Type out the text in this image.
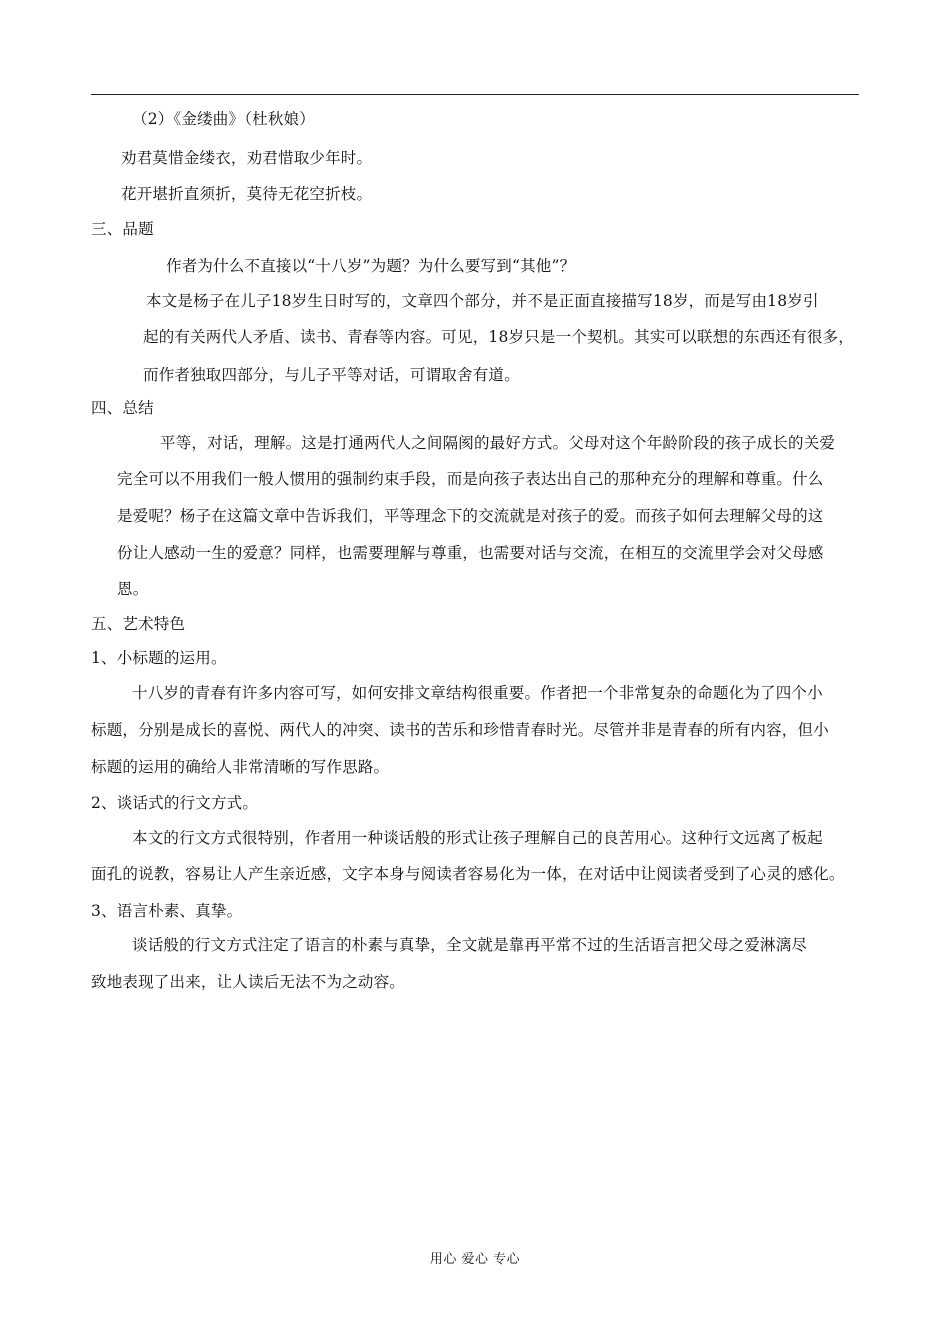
（2）《金缕曲》（杜秋娘）
劝君莫惜金缕衣，劝君惜取少年时。
花开堪折直须折，莫待无花空折枝。
三、品题
作者为什么不直接以“十八岁”为题？为什么要写到“其他”？
本文是杨子在儿子18岁生日时写的，文章四个部分，并不是正面直接描写18岁，而是写由18岁引
起的有关两代人矛盾、读书、青春等内容。可见，18岁只是一个契机。其实可以联想的东西还有很多，
而作者独取四部分，与儿子平等对话，可谓取舍有道。
四、总结
平等，对话，理解。这是打通两代人之间隔阂的最好方式。父母对这个年龄阶段的孩子成长的关爱
完全可以不用我们一般人惯用的强制约束手段，而是向孩子表达出自己的那种充分的理解和尊重。什么
是爱呢？杨子在这篇文章中告诉我们，平等理念下的交流就是对孩子的爱。而孩子如何去理解父母的这
份让人感动一生的爱意？同样，也需要理解与尊重，也需要对话与交流，在相互的交流里学会对父母感
恩。
五、艺术特色
1、小标题的运用。
十八岁的青春有许多内容可写，如何安排文章结构很重要。作者把一个非常复杂的命题化为了四个小
标题，分别是成长的喜悦、两代人的冲突、读书的苦乐和珍惜青春时光。尽管并非是青春的所有内容，但小
标题的运用的确给人非常清晰的写作思路。
2、谈话式的行文方式。
本文的行文方式很特别，作者用一种谈话般的形式让孩子理解自己的良苦用心。这种行文远离了板起
面孔的说教，容易让人产生亲近感，文字本身与阅读者容易化为一体，在对话中让阅读者受到了心灵的感化。
3、语言朴素、真挚。
谈话般的行文方式注定了语言的朴素与真挚，全文就是靠再平常不过的生活语言把父母之爱淋漓尽
致地表现了出来，让人读后无法不为之动容。
用心 爱心 专心
